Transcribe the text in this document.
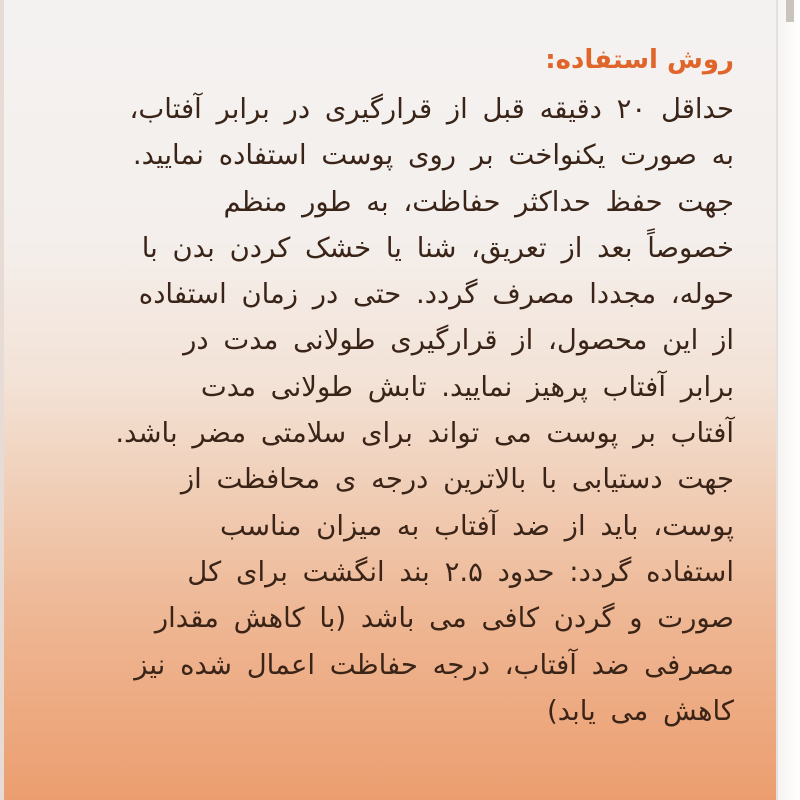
روش استفاده:
حداقل ۲۰ دقیقه قبل از قرارگیری در برابر آفتاب،
به صورت یکنواخت بر روی پوست استفاده نمایید.
جهت حفظ حداکثر حفاظت، به طور منظم
خصوصاً بعد از تعریق، شنا یا خشک کردن بدن با
حوله، مجددا مصرف گردد. حتی در زمان استفاده
از این محصول، از قرارگیری طولانی مدت در
برابر آفتاب پرهیز نمایید. تابش طولانی مدت
آفتاب بر پوست می تواند برای سلامتی مضر باشد.
جهت دستیابی با بالاترین درجه ی محافظت از
پوست، باید از ضد آفتاب به میزان مناسب
استفاده گردد: حدود ۲.۵ بند انگشت برای کل
صورت و گردن کافی می باشد (با کاهش مقدار
مصرفی ضد آفتاب، درجه حفاظت اعمال شده نیز
کاهش می یابد)
